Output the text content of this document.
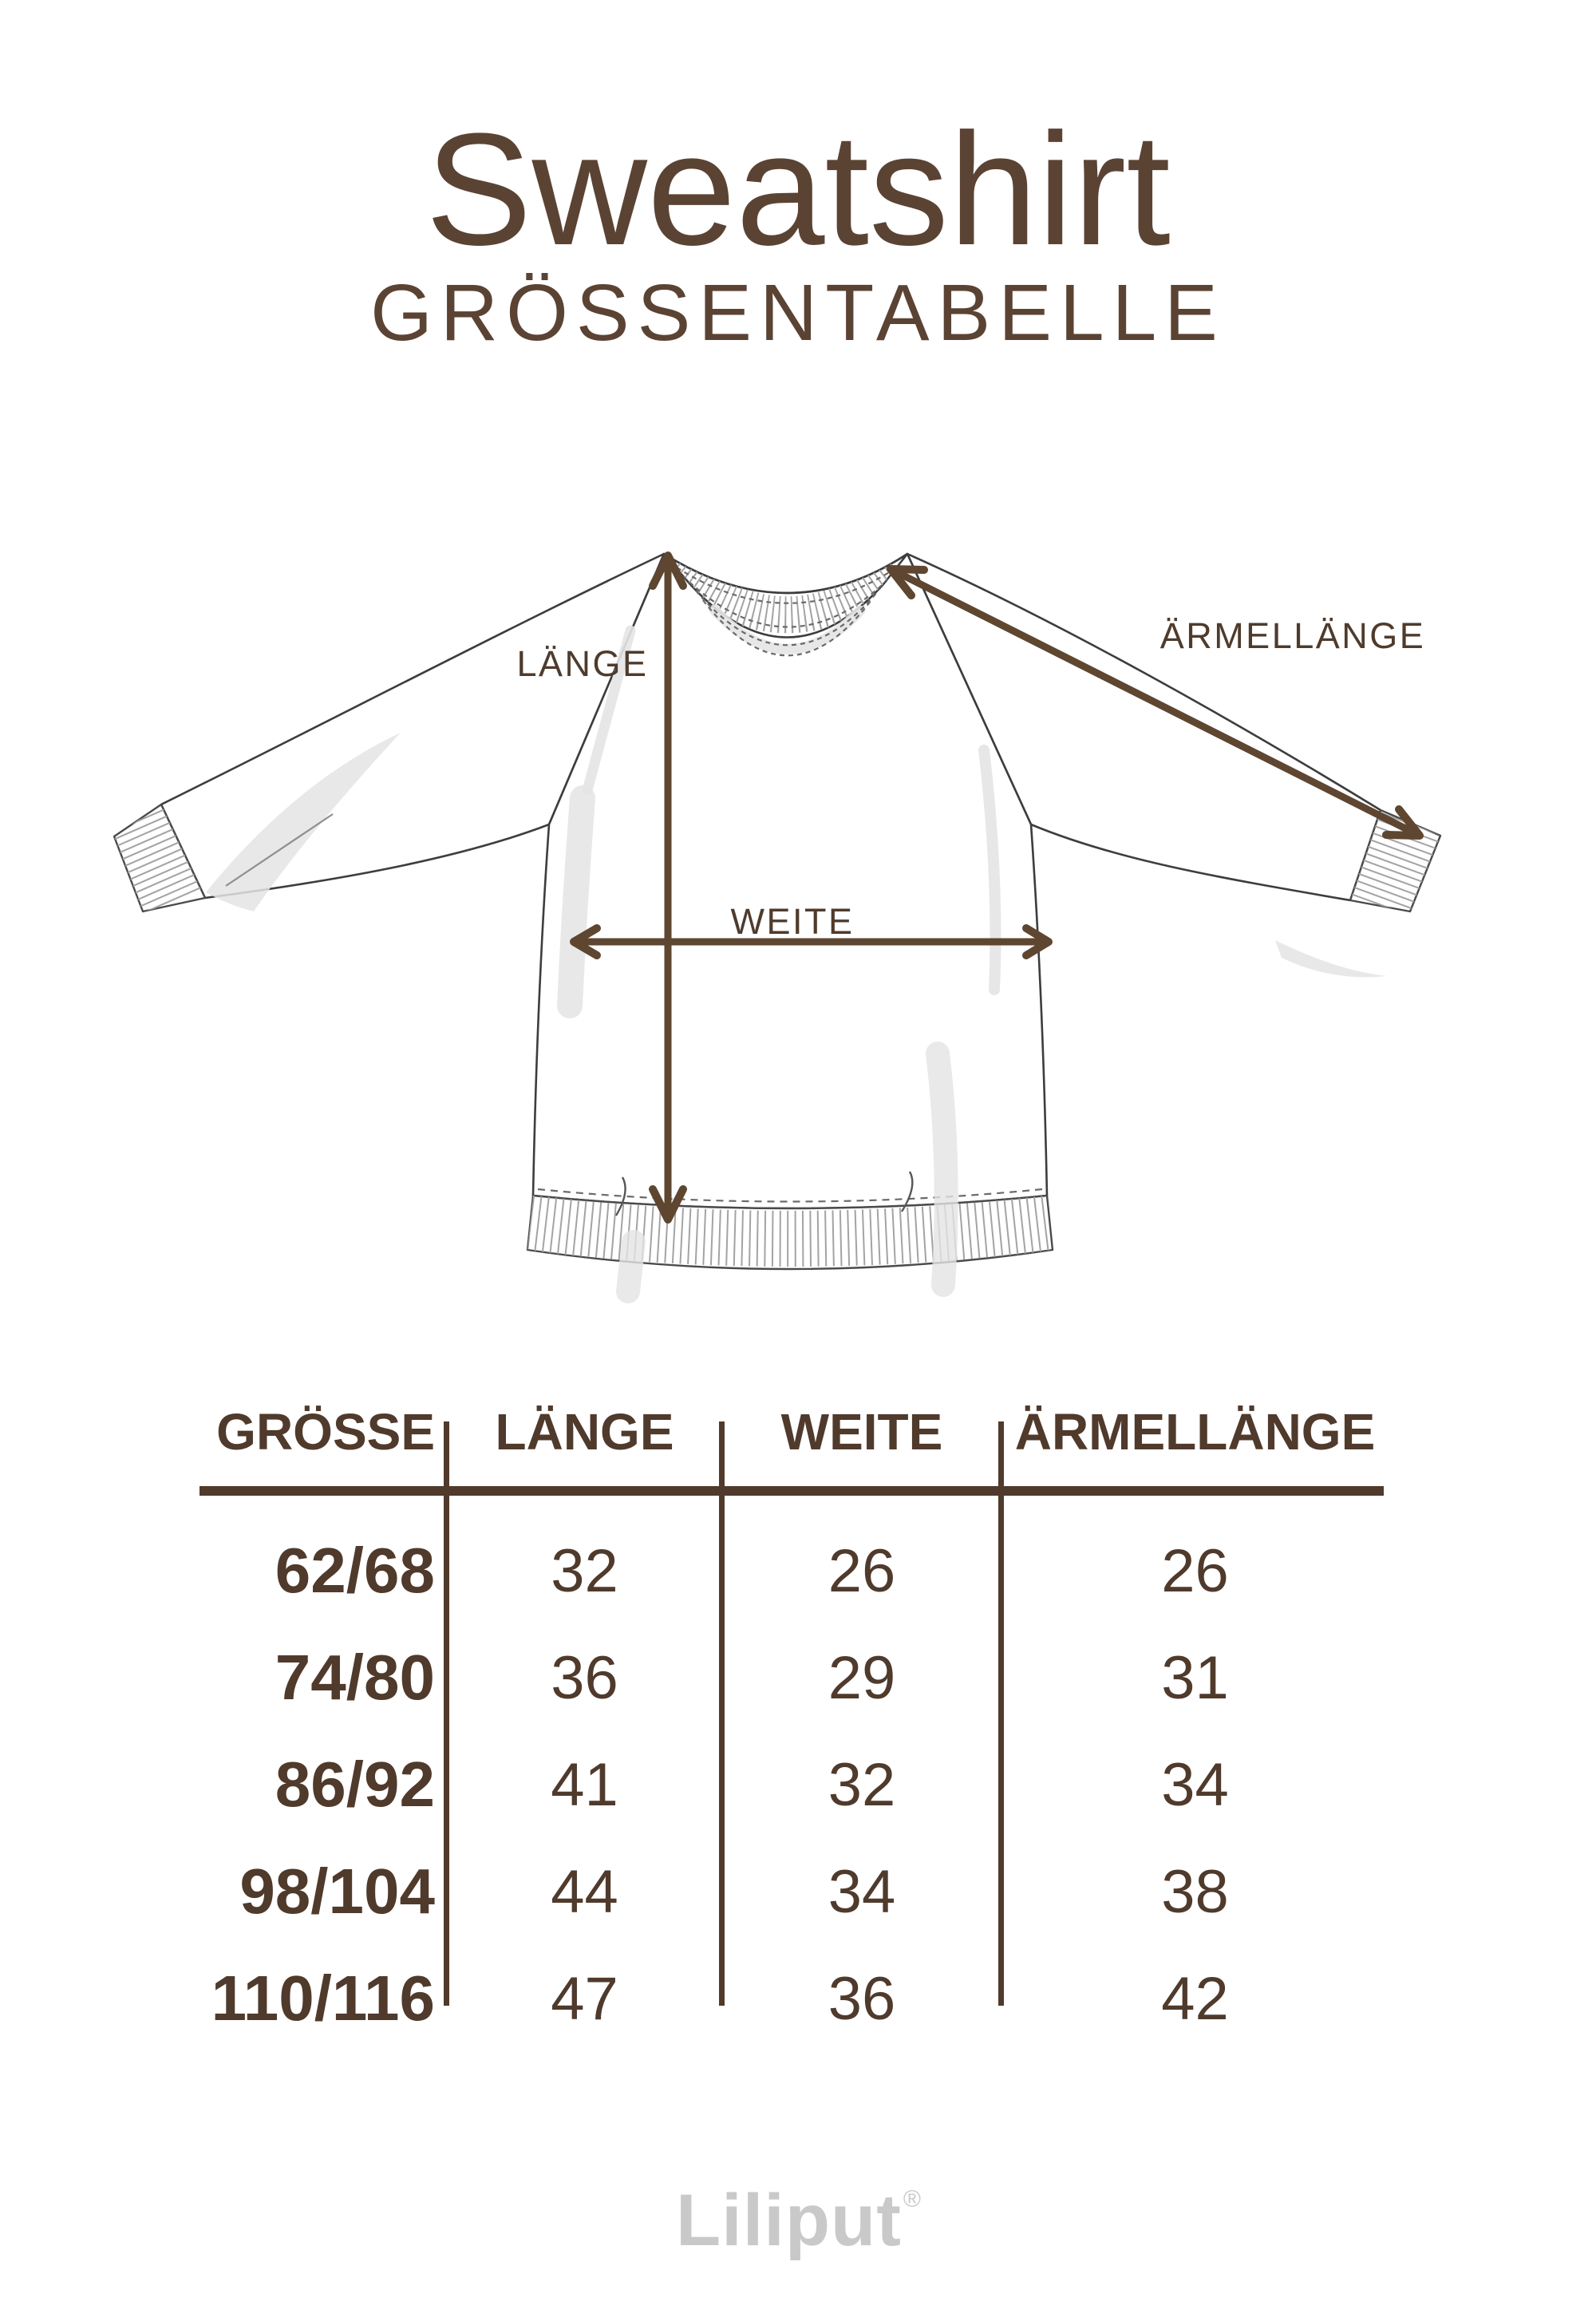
Sweatshirt
GRÖSSENTABELLE
LÄNGE
WEITE
ÄRMELLÄNGE
GRÖSSE	LÄNGE	WEITE	ÄRMELLÄNGE
62/68	32	26	26
74/80	36	29	31
86/92	41	32	34
98/104	44	34	38
110/116	47	36	42
Liliput®
